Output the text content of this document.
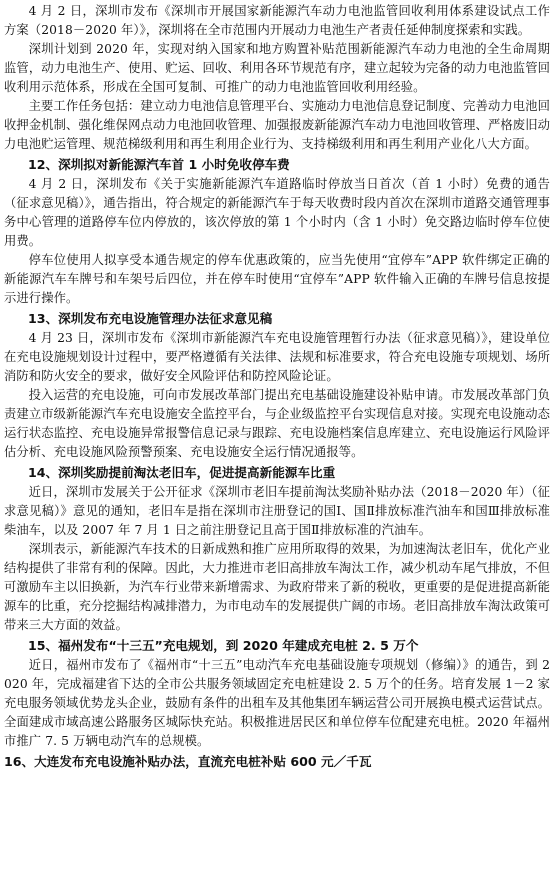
4 月 2 日，深圳市发布《深圳市开展国家新能源汽车动力电池监管回收利用体系建设试点工作方案（2018－2020 年）》，深圳将在全市范围内开展动力电池生产者责任延伸制度探索和实践。

深圳计划到 2020 年，实现对纳入国家和地方购置补贴范围新能源汽车动力电池的全生命周期监管，动力电池生产、使用、贮运、回收、利用各环节规范有序，建立起较为完备的动力电池监管回收利用示范体系，形成在全国可复制、可推广的动力电池监管回收利用经验。

主要工作任务包括：建立动力电池信息管理平台、实施动力电池信息登记制度、完善动力电池回收押金机制、强化维保网点动力电池回收管理、加强报废新能源汽车动力电池回收管理、严格废旧动力电池贮运管理、规范梯级利用和再生利用企业行为、支持梯级利用和再生利用产业化八大方面。

12、深圳拟对新能源汽车首 1 小时免收停车费

4 月 2 日，深圳发布《关于实施新能源汽车道路临时停放当日首次（首 1 小时）免费的通告（征求意见稿）》，通告指出，符合规定的新能源汽车于每天收费时段内首次在深圳市道路交通管理事务中心管理的道路停车位内停放的，该次停放的第 1 个小时内（含 1 小时）免交路边临时停车位使用费。

停车位使用人拟享受本通告规定的停车优惠政策的，应当先使用“宜停车”APP 软件绑定正确的新能源汽车车牌号和车架号后四位，并在停车时使用“宜停车”APP 软件输入正确的车牌号信息按提示进行操作。

13、深圳发布充电设施管理办法征求意见稿

4 月 23 日，深圳市发布《深圳市新能源汽车充电设施管理暂行办法（征求意见稿）》，建设单位在充电设施规划设计过程中，要严格遵循有关法律、法规和标准要求，符合充电设施专项规划、场所消防和防火安全的要求，做好安全风险评估和防控风险论证。

投入运营的充电设施，可向市发展改革部门提出充电基础设施建设补贴申请。市发展改革部门负责建立市级新能源汽车充电设施安全监控平台，与企业级监控平台实现信息对接。实现充电设施动态运行状态监控、充电设施异常报警信息记录与跟踪、充电设施档案信息库建立、充电设施运行风险评估分析、充电设施风险预警预案、充电设施安全运行情况通报等。

14、深圳奖励提前淘汰老旧车，促进提高新能源车比重

近日，深圳市发展关于公开征求《深圳市老旧车提前淘汰奖励补贴办法（2018－2020 年）（征求意见稿）》意见的通知，老旧车是指在深圳市注册登记的国Ⅰ、国Ⅱ排放标准汽油车和国Ⅲ排放标准柴油车，以及 2007 年 7 月 1 日之前注册登记且高于国Ⅱ排放标准的汽油车。

深圳表示，新能源汽车技术的日新成熟和推广应用所取得的效果，为加速淘汰老旧车，优化产业结构提供了非常有利的保障。因此，大力推进市老旧高排放车淘汰工作，减少机动车尾气排放，不但可激励车主以旧换新，为汽车行业带来新增需求、为政府带来了新的税收，更重要的是促进提高新能源车的比重，充分挖掘结构减排潜力，为市电动车的发展提供广阔的市场。老旧高排放车淘汰政策可带来三大方面的效益。

15、福州发布“十三五”充电规划，到 2020 年建成充电桩 2. 5 万个

近日，福州市发布了《福州市“十三五”电动汽车充电基础设施专项规划（修编）》的通告，到 2020 年，完成福建省下达的全市公共服务领域固定充电桩建设 2. 5 万个的任务。培育发展 1－2 家充电服务领域优势龙头企业，鼓励有条件的出租车及其他集团车辆运营公司开展换电模式运营试点。全面建成市域高速公路服务区城际快充站。积极推进居民区和单位停车位配建充电桩。2020 年福州市推广 7. 5 万辆电动汽车的总规模。

16、大连发布充电设施补贴办法，直流充电桩补贴 600 元／千瓦
